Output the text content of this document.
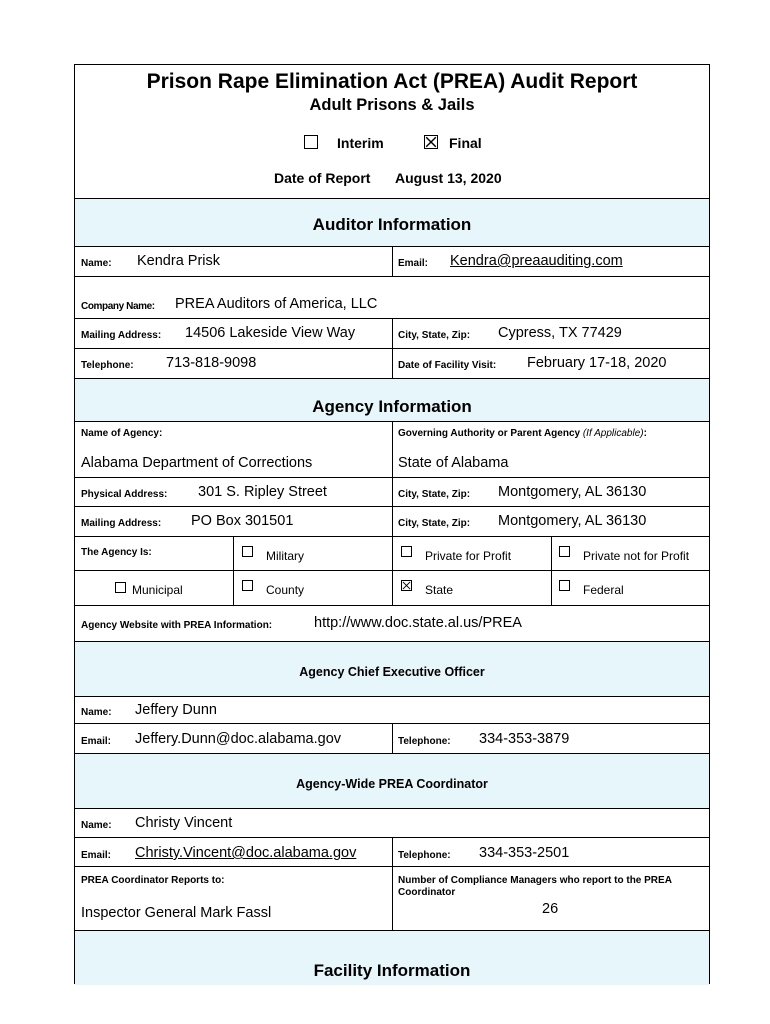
Prison Rape Elimination Act (PREA) Audit Report
Adult Prisons & Jails
Interim	Final
Date of Report August 13, 2020
Auditor Information
Name: Kendra Prisk	Email: Kendra@preaauditing.com
Company Name: PREA Auditors of America, LLC
Mailing Address: 14506 Lakeside View Way	City, State, Zip: Cypress, TX 77429
Telephone: 713-818-9098	Date of Facility Visit: February 17-18, 2020
Agency Information
Name of Agency:
Alabama Department of Corrections
Governing Authority or Parent Agency (If Applicable):
State of Alabama
Physical Address: 301 S. Ripley Street	City, State, Zip: Montgomery, AL 36130
Mailing Address: PO Box 301501	City, State, Zip: Montgomery, AL 36130
The Agency Is:	Military	Private for Profit	Private not for Profit
Municipal	County	State	Federal
Agency Website with PREA Information:	http://www.doc.state.al.us/PREA
Agency Chief Executive Officer
Name: Jeffery Dunn
Email: Jeffery.Dunn@doc.alabama.gov	Telephone: 334-353-3879
Agency-Wide PREA Coordinator
Name: Christy Vincent
Email: Christy.Vincent@doc.alabama.gov	Telephone: 334-353-2501
PREA Coordinator Reports to:
Inspector General Mark Fassl
Number of Compliance Managers who report to the PREA Coordinator
26
Facility Information
